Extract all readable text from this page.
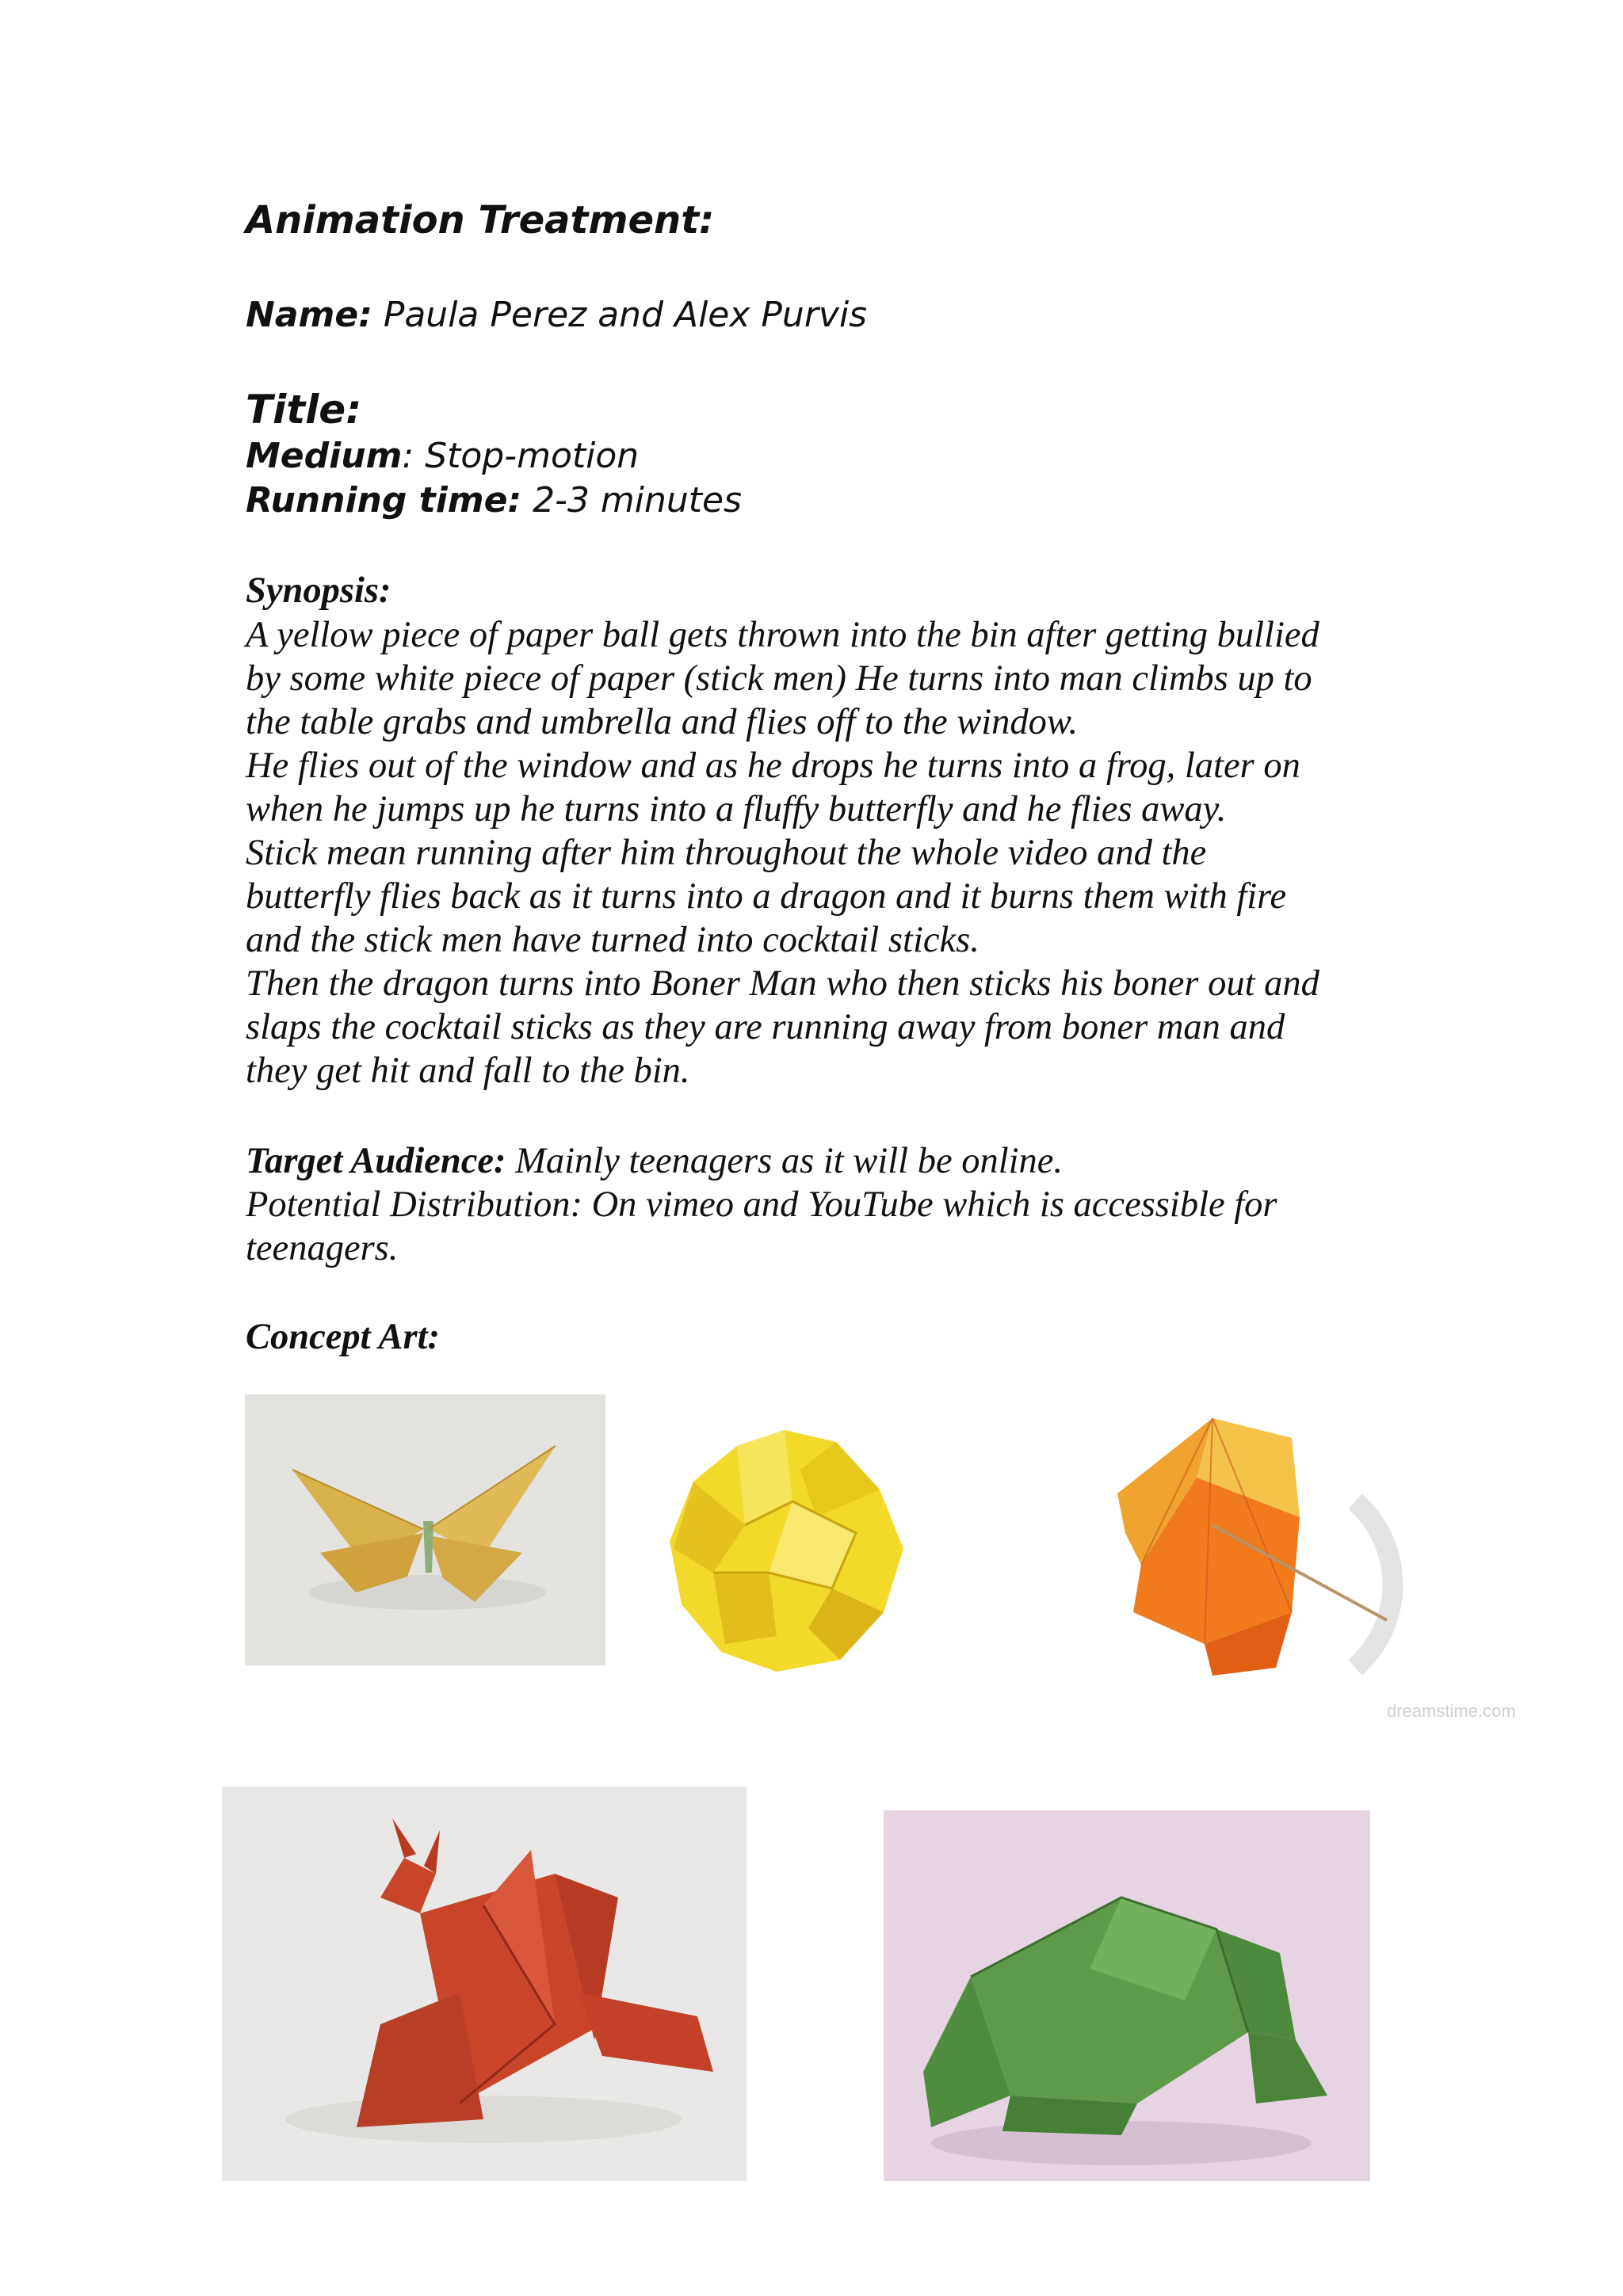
Animation Treatment:
Name: Paula Perez and Alex Purvis
Title:
Medium: Stop-motion
Running time: 2-3 minutes
Synopsis:
A yellow piece of paper ball gets thrown into the bin after getting bullied
by some white piece of paper (stick men) He turns into man climbs up to
the table grabs and umbrella and flies off to the window.
He flies out of the window and as he drops he turns into a frog, later on
when he jumps up he turns into a fluffy butterfly and he flies away.
Stick mean running after him throughout the whole video and the
butterfly flies back as it turns into a dragon and it burns them with fire
and the stick men have turned into cocktail sticks.
Then the dragon turns into Boner Man who then sticks his boner out and
slaps the cocktail sticks as they are running away from boner man and
they get hit and fall to the bin.
Target Audience: Mainly teenagers as it will be online.
Potential Distribution: On vimeo and YouTube which is accessible for
teenagers.
Concept Art:
dreamstime.com
